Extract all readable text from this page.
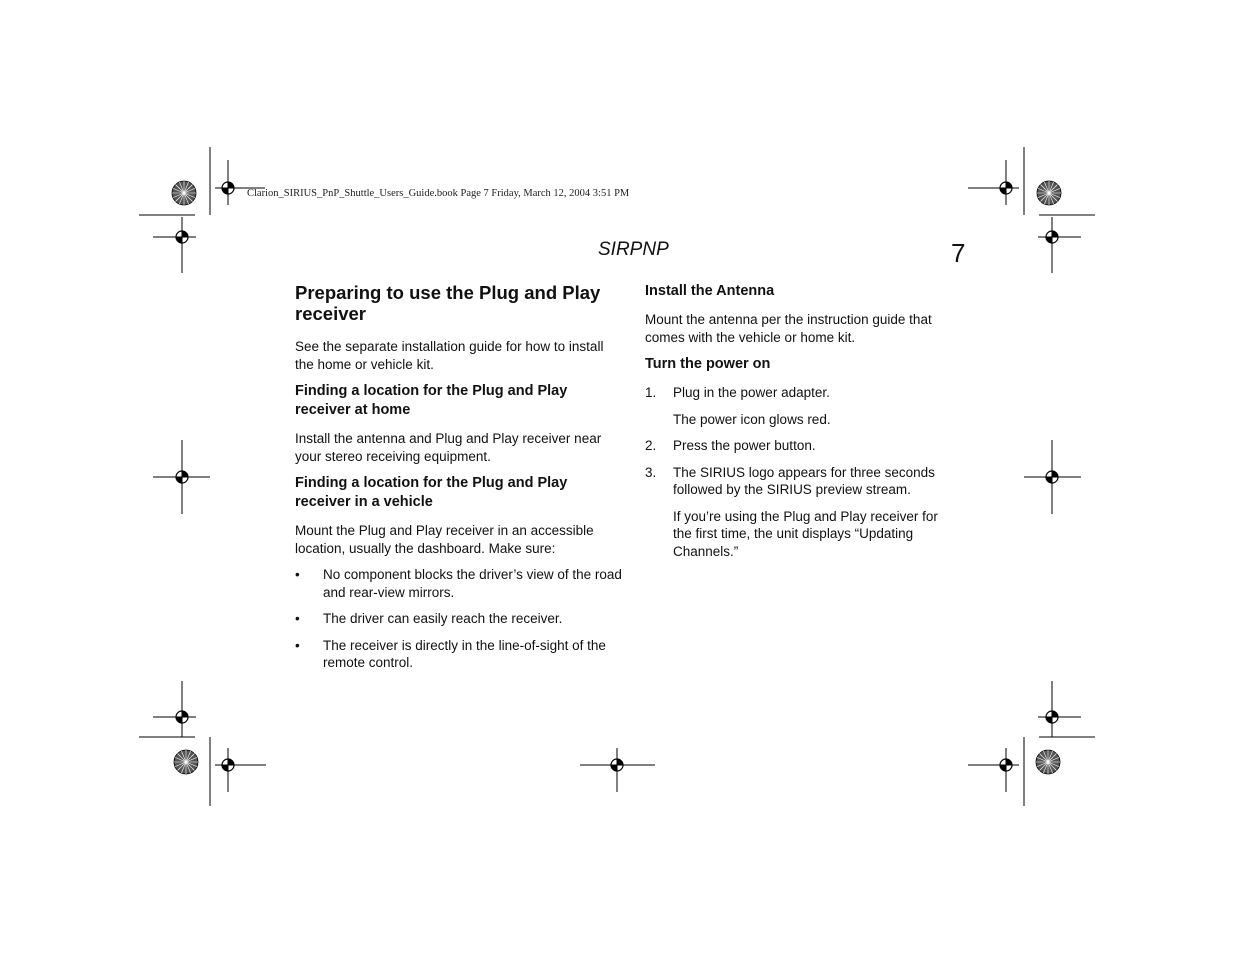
Clarion_SIRIUS_PnP_Shuttle_Users_Guide.book Page 7 Friday, March 12, 2004 3:51 PM
SIRPNP	7
Preparing to use the Plug and Play receiver

See the separate installation guide for how to install the home or vehicle kit.

Finding a location for the Plug and Play receiver at home

Install the antenna and Plug and Play receiver near your stereo receiving equipment.

Finding a location for the Plug and Play receiver in a vehicle

Mount the Plug and Play receiver in an accessible location, usually the dashboard. Make sure:

• No component blocks the driver’s view of the road and rear-view mirrors.
• The driver can easily reach the receiver.
• The receiver is directly in the line-of-sight of the remote control.
Install the Antenna

Mount the antenna per the instruction guide that comes with the vehicle or home kit.

Turn the power on
1. Plug in the power adapter.

The power icon glows red.

2. Press the power button.
3. The SIRIUS logo appears for three seconds followed by the SIRIUS preview stream.

If you’re using the Plug and Play receiver for the first time, the unit displays “Updating Channels.”
